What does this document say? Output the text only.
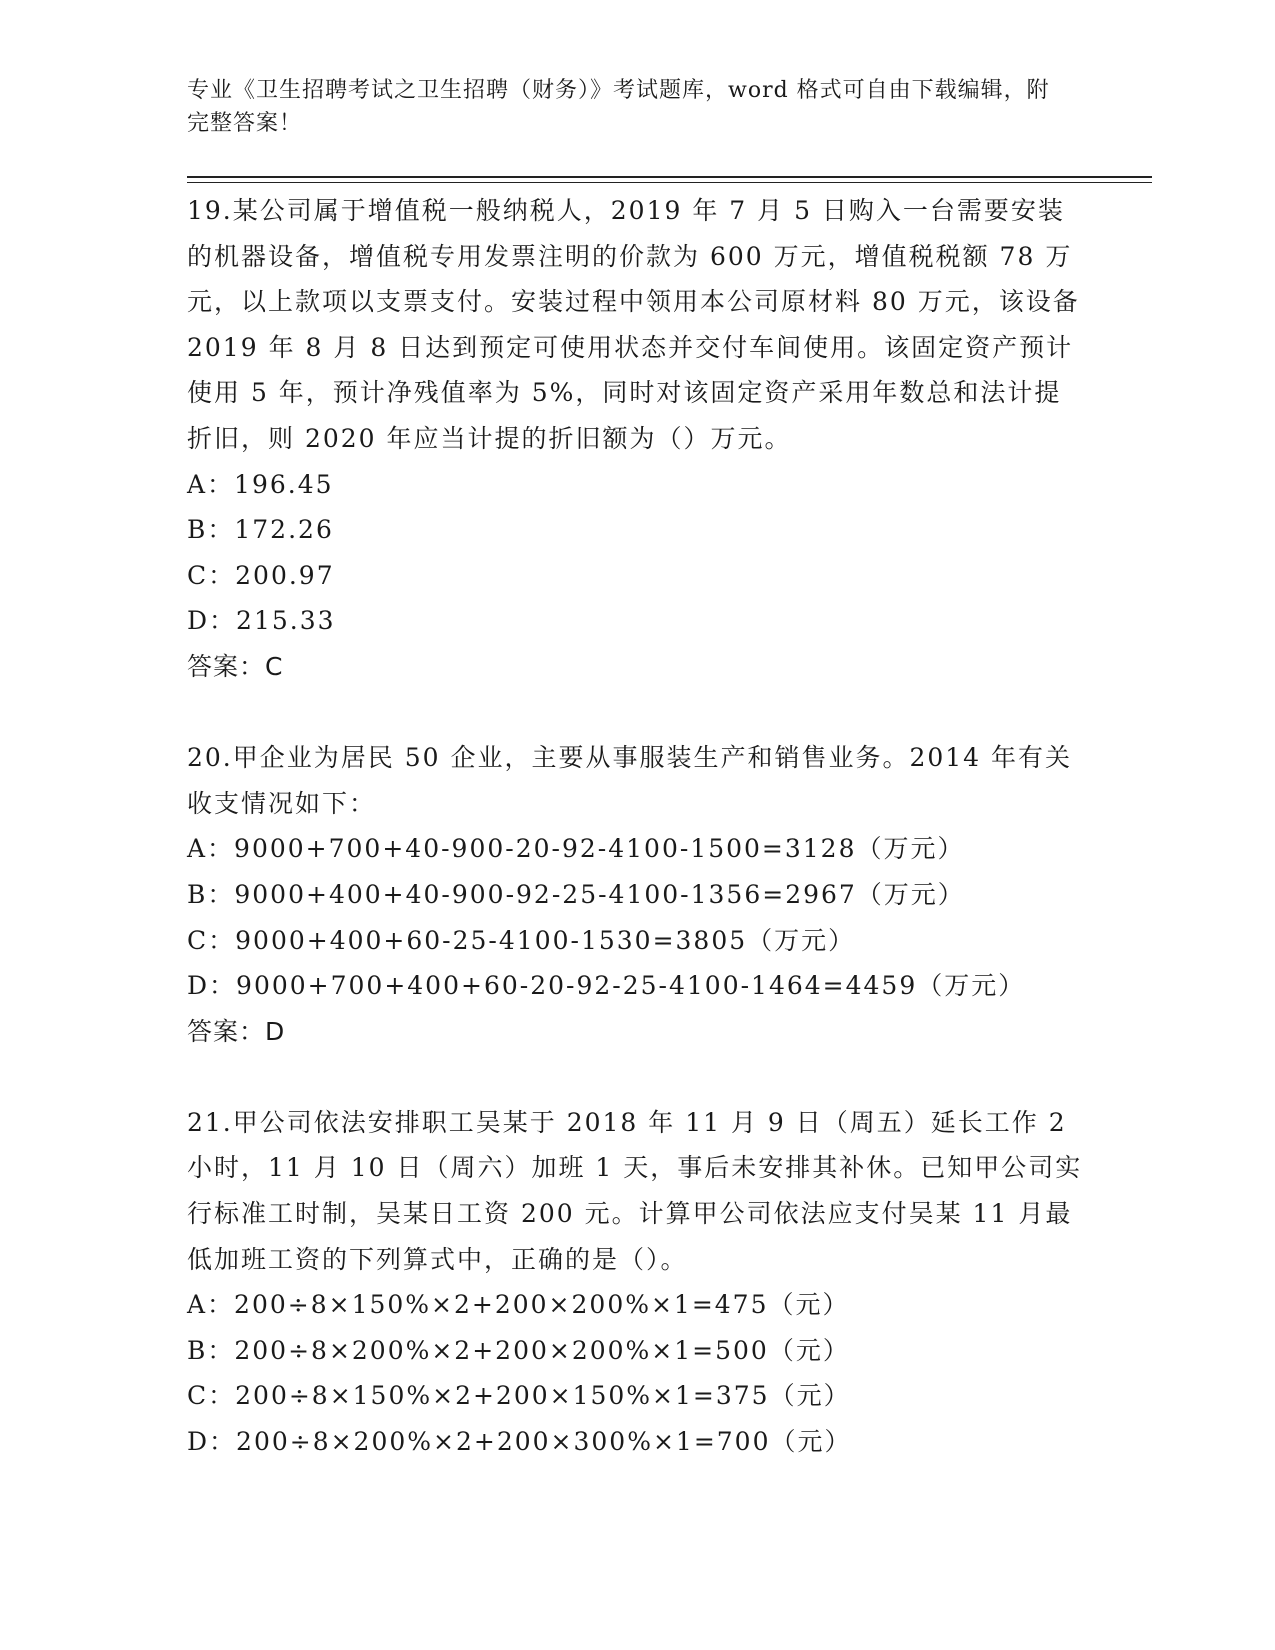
专业《卫生招聘考试之卫生招聘（财务）》考试题库，word 格式可自由下载编辑，附完整答案！

19.某公司属于增值税一般纳税人，2019 年 7 月 5 日购入一台需要安装的机器设备，增值税专用发票注明的价款为 600 万元，增值税税额 78 万元，以上款项以支票支付。安装过程中领用本公司原材料 80 万元，该设备 2019 年 8 月 8 日达到预定可使用状态并交付车间使用。该固定资产预计使用 5 年，预计净残值率为 5%，同时对该固定资产采用年数总和法计提折旧，则 2020 年应当计提的折旧额为（）万元。

A：196.45

B：172.26

C：200.97

D：215.33

答案：C

20.甲企业为居民 50 企业，主要从事服装生产和销售业务。2014 年有关收支情况如下：

A：9000+700+40-900-20-92-4100-1500=3128（万元）

B：9000+400+40-900-92-25-4100-1356=2967（万元）

C：9000+400+60-25-4100-1530=3805（万元）

D：9000+700+400+60-20-92-25-4100-1464=4459（万元）

答案：D

21.甲公司依法安排职工吴某于 2018 年 11 月 9 日（周五）延长工作 2 小时，11 月 10 日（周六）加班 1 天，事后未安排其补休。已知甲公司实行标准工时制，吴某日工资 200 元。计算甲公司依法应支付吴某 11 月最低加班工资的下列算式中，正确的是（）。

A：200÷8×150%×2+200×200%×1=475（元）

B：200÷8×200%×2+200×200%×1=500（元）

C：200÷8×150%×2+200×150%×1=375（元）

D：200÷8×200%×2+200×300%×1=700（元）
